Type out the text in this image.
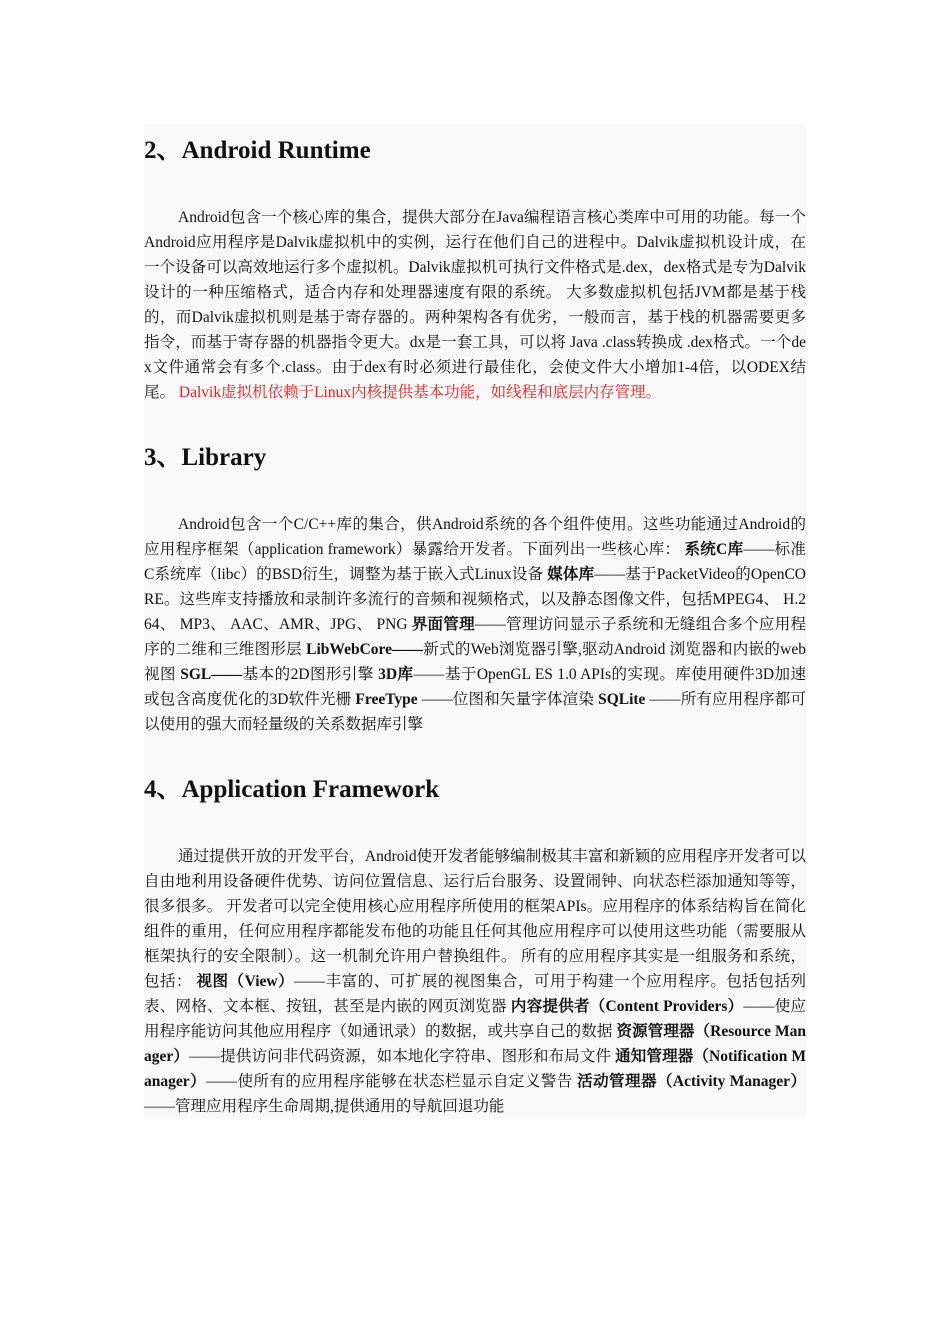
2、Android Runtime

Android包含一个核心库的集合，提供大部分在Java编程语言核心类库中可用的功能。每一个Android应用程序是Dalvik虚拟机中的实例，运行在他们自己的进程中。Dalvik虚拟机设计成，在一个设备可以高效地运行多个虚拟机。Dalvik虚拟机可执行文件格式是.dex，dex格式是专为Dalvik设计的一种压缩格式，适合内存和处理器速度有限的系统。 大多数虚拟机包括JVM都是基于栈的，而Dalvik虚拟机则是基于寄存器的。两种架构各有优劣，一般而言，基于栈的机器需要更多指令，而基于寄存器的机器指令更大。dx是一套工具，可以将 Java .class转换成 .dex格式。一个dex文件通常会有多个.class。由于dex有时必须进行最佳化，会使文件大小增加1-4倍，以ODEX结尾。 Dalvik虚拟机依赖于Linux内核提供基本功能，如线程和底层内存管理。

3、Library

Android包含一个C/C++库的集合，供Android系统的各个组件使用。这些功能通过Android的应用程序框架（application framework）暴露给开发者。下面列出一些核心库： 系统C库——标准C系统库（libc）的BSD衍生，调整为基于嵌入式Linux设备 媒体库——基于PacketVideo的OpenCORE。这些库支持播放和录制许多流行的音频和视频格式，以及静态图像文件，包括MPEG4、 H.264、 MP3、 AAC、AMR、JPG、 PNG 界面管理——管理访问显示子系统和无缝组合多个应用程序的二维和三维图形层 LibWebCore——新式的Web浏览器引擎,驱动Android 浏览器和内嵌的web视图 SGL——基本的2D图形引擎 3D库——基于OpenGL ES 1.0 APIs的实现。库使用硬件3D加速或包含高度优化的3D软件光栅 FreeType ——位图和矢量字体渲染 SQLite ——所有应用程序都可以使用的强大而轻量级的关系数据库引擎

4、Application Framework

通过提供开放的开发平台，Android使开发者能够编制极其丰富和新颖的应用程序开发者可以自由地利用设备硬件优势、访问位置信息、运行后台服务、设置闹钟、向状态栏添加通知等等，很多很多。 开发者可以完全使用核心应用程序所使用的框架APIs。应用程序的体系结构旨在简化组件的重用，任何应用程序都能发布他的功能且任何其他应用程序可以使用这些功能（需要服从框架执行的安全限制）。这一机制允许用户替换组件。 所有的应用程序其实是一组服务和系统，包括： 视图（View）——丰富的、可扩展的视图集合，可用于构建一个应用程序。包括包括列表、网格、文本框、按钮，甚至是内嵌的网页浏览器 内容提供者（Content Providers）——使应用程序能访问其他应用程序（如通讯录）的数据，或共享自己的数据 资源管理器（Resource Manager）——提供访问非代码资源，如本地化字符串、图形和布局文件 通知管理器（Notification Manager）——使所有的应用程序能够在状态栏显示自定义警告 活动管理器（Activity Manager）——管理应用程序生命周期,提供通用的导航回退功能
